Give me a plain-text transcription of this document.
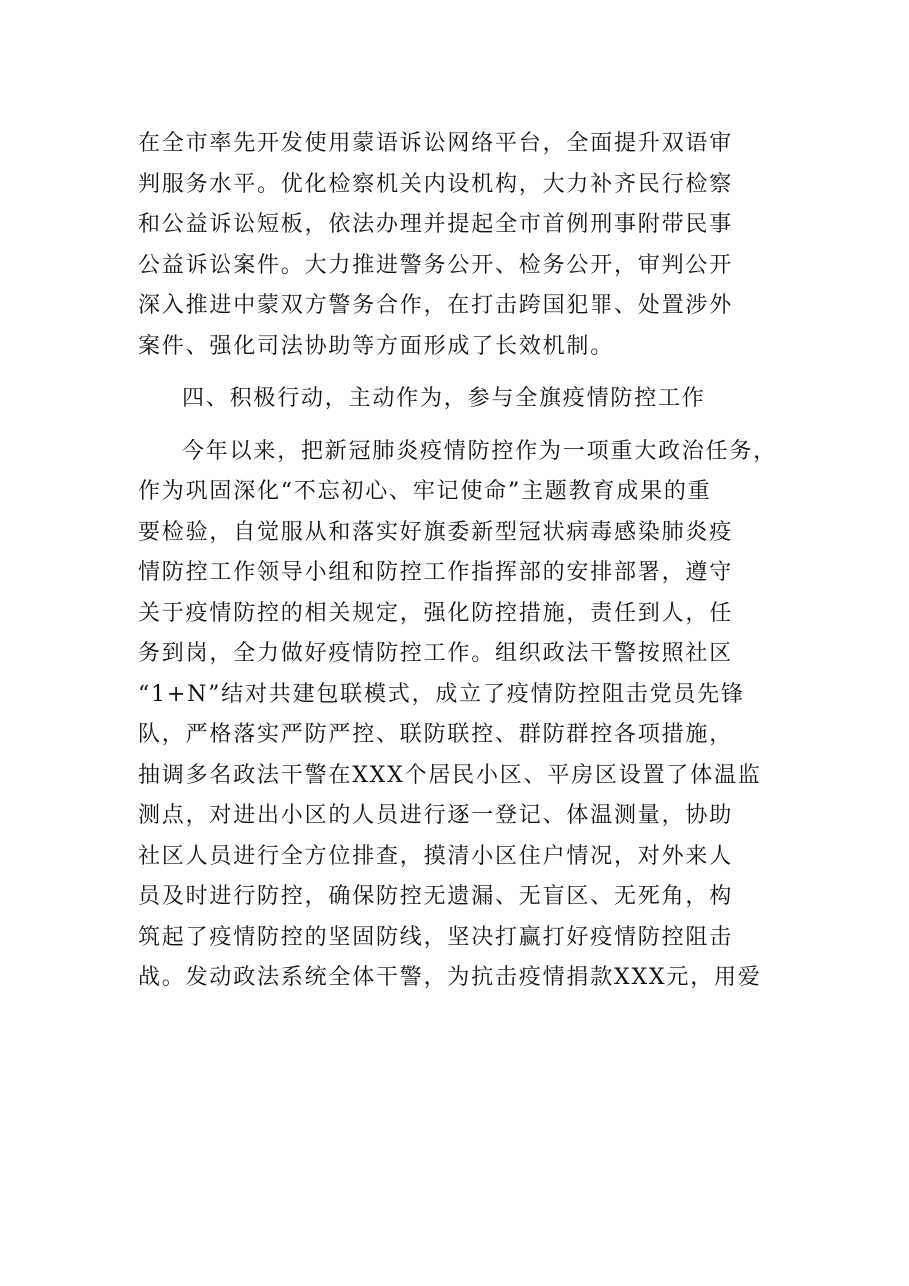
在全市率先开发使用蒙语诉讼网络平台，全面提升双语审
判服务水平。优化检察机关内设机构，大力补齐民行检察
和公益诉讼短板，依法办理并提起全市首例刑事附带民事
公益诉讼案件。大力推进警务公开、检务公开，审判公开
深入推进中蒙双方警务合作，在打击跨国犯罪、处置涉外
案件、强化司法协助等方面形成了长效机制。
四、积极行动，主动作为，参与全旗疫情防控工作
今年以来，把新冠肺炎疫情防控作为一项重大政治任务，
作为巩固深化“不忘初心、牢记使命”主题教育成果的重
要检验，自觉服从和落实好旗委新型冠状病毒感染肺炎疫
情防控工作领导小组和防控工作指挥部的安排部署，遵守
关于疫情防控的相关规定，强化防控措施，责任到人，任
务到岗，全力做好疫情防控工作。组织政法干警按照社区
“1+N”结对共建包联模式，成立了疫情防控阻击党员先锋
队，严格落实严防严控、联防联控、群防群控各项措施，
抽调多名政法干警在XXX个居民小区、平房区设置了体温监
测点，对进出小区的人员进行逐一登记、体温测量，协助
社区人员进行全方位排查，摸清小区住户情况，对外来人
员及时进行防控，确保防控无遗漏、无盲区、无死角，构
筑起了疫情防控的坚固防线，坚决打赢打好疫情防控阻击
战。发动政法系统全体干警，为抗击疫情捐款XXX元，用爱
